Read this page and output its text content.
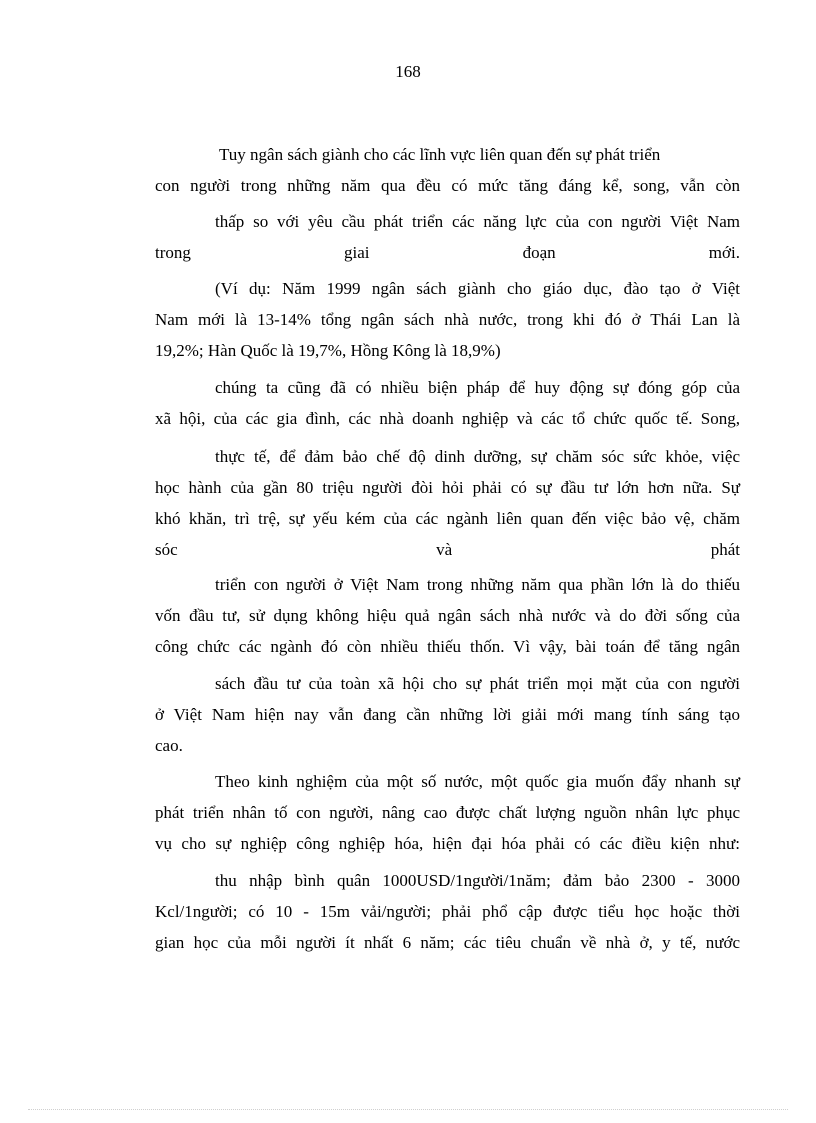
168
Tuy ngân sách giành cho các lĩnh vực liên quan đến sự phát triển
con người trong những năm qua đều có mức tăng đáng kể, song, vẫn còn
thấp so với yêu cầu phát triển các năng lực của con người Việt Nam
trong giai đoạn mới.
(Ví dụ: Năm 1999 ngân sách giành cho giáo dục, đào tạo ở Việt
Nam mới là 13-14% tổng ngân sách nhà nước, trong khi đó ở Thái Lan là
19,2%; Hàn Quốc là 19,7%, Hồng Kông là 18,9%)
chúng ta cũng đã có nhiều biện pháp để huy động sự đóng góp của
xã hội, của các gia đình, các nhà doanh nghiệp và các tổ chức quốc tế. Song,
thực tế, để đảm bảo chế độ dinh dưỡng, sự chăm sóc sức khỏe, việc
học hành của gần 80 triệu người đòi hỏi phải có sự đầu tư lớn hơn nữa. Sự
khó khăn, trì trệ, sự yếu kém của các ngành liên quan đến việc bảo vệ, chăm
sóc và phát
triển con người ở Việt Nam trong những năm qua phần lớn là do thiếu
vốn đầu tư, sử dụng không hiệu quả ngân sách nhà nước và do đời sống của
công chức các ngành đó còn nhiều thiếu thốn. Vì vậy, bài toán để tăng ngân
sách đầu tư của toàn xã hội cho sự phát triển mọi mặt của con người
ở Việt Nam hiện nay vẫn đang cần những lời giải mới mang tính sáng tạo
cao.
Theo kinh nghiệm của một số nước, một quốc gia muốn đẩy nhanh sự
phát triển nhân tố con người, nâng cao được chất lượng nguồn nhân lực phục
vụ cho sự nghiệp công nghiệp hóa, hiện đại hóa phải có các điều kiện như:
thu nhập bình quân 1000USD/1người/1năm; đảm bảo 2300 - 3000
Kcl/1người; có 10 - 15m vải/người; phải phổ cập được tiểu học hoặc thời
gian học của mỗi người ít nhất 6 năm; các tiêu chuẩn về nhà ở, y tế, nước
